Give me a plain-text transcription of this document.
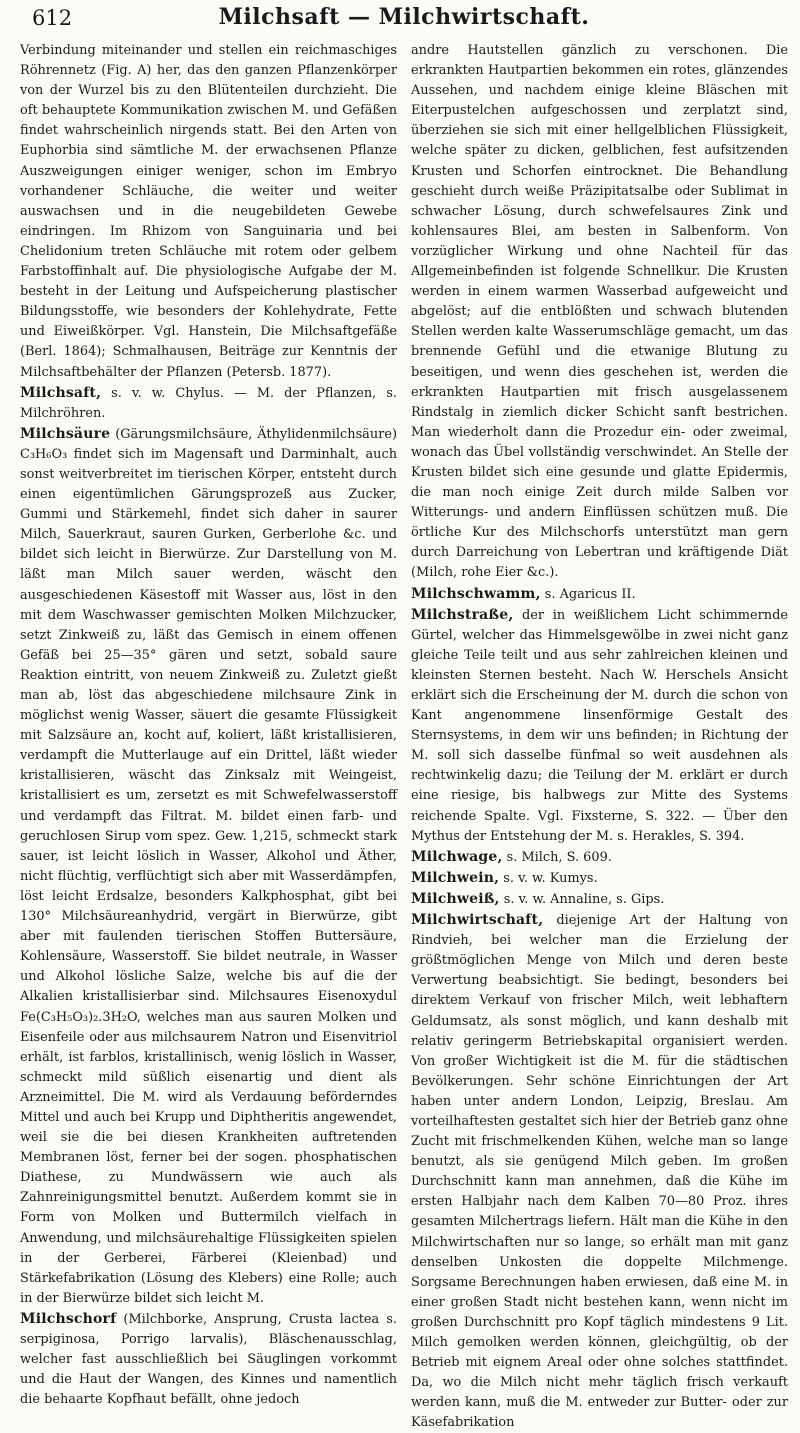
612	Milchsaft — Milchwirtschaft.

Verbindung miteinander und stellen ein reichmaschiges Röhrennetz (Fig. A) her, das den ganzen Pflanzenkörper von der Wurzel bis zu den Blütenteilen durchzieht. Die oft behauptete Kommunikation zwischen M. und Gefäßen findet wahrscheinlich nirgends statt. Bei den Arten von Euphorbia sind sämtliche M. der erwachsenen Pflanze Auszweigungen einiger weniger, schon im Embryo vorhandener Schläuche, die weiter und weiter auswachsen und in die neugebildeten Gewebe eindringen. Im Rhizom von Sanguinaria und bei Chelidonium treten Schläuche mit rotem oder gelbem Farbstoffinhalt auf. Die physiologische Aufgabe der M. besteht in der Leitung und Aufspeicherung plastischer Bildungsstoffe, wie besonders der Kohlehydrate, Fette und Eiweißkörper. Vgl. Hanstein, Die Milchsaftgefäße (Berl. 1864); Schmalhausen, Beiträge zur Kenntnis der Milchsaftbehälter der Pflanzen (Petersb. 1877).

Milchsaft, s. v. w. Chylus. — M. der Pflanzen, s. Milchröhren.

Milchsäure (Gärungsmilchsäure, Äthylidenmilchsäure) C₃H₆O₃ findet sich im Magensaft und Darminhalt, auch sonst weitverbreitet im tierischen Körper, entsteht durch einen eigentümlichen Gärungsprozeß aus Zucker, Gummi und Stärkemehl, findet sich daher in saurer Milch, Sauerkraut, sauren Gurken, Gerberlohe &c. und bildet sich leicht in Bierwürze. Zur Darstellung von M. läßt man Milch sauer werden, wäscht den ausgeschiedenen Käsestoff mit Wasser aus, löst in den mit dem Waschwasser gemischten Molken Milchzucker, setzt Zinkweiß zu, läßt das Gemisch in einem offenen Gefäß bei 25—35° gären und setzt, sobald saure Reaktion eintritt, von neuem Zinkweiß zu. Zuletzt gießt man ab, löst das abgeschiedene milchsaure Zink in möglichst wenig Wasser, säuert die gesamte Flüssigkeit mit Salzsäure an, kocht auf, koliert, läßt kristallisieren, verdampft die Mutterlauge auf ein Drittel, läßt wieder kristallisieren, wäscht das Zinksalz mit Weingeist, kristallisiert es um, zersetzt es mit Schwefelwasserstoff und verdampft das Filtrat. M. bildet einen farb- und geruchlosen Sirup vom spez. Gew. 1,215, schmeckt stark sauer, ist leicht löslich in Wasser, Alkohol und Äther, nicht flüchtig, verflüchtigt sich aber mit Wasserdämpfen, löst leicht Erdsalze, besonders Kalkphosphat, gibt bei 130° Milchsäureanhydrid, vergärt in Bierwürze, gibt aber mit faulenden tierischen Stoffen Buttersäure, Kohlensäure, Wasserstoff. Sie bildet neutrale, in Wasser und Alkohol lösliche Salze, welche bis auf die der Alkalien kristallisierbar sind. Milchsaures Eisenoxydul Fe(C₃H₅O₃)₂.3H₂O, welches man aus sauren Molken und Eisenfeile oder aus milchsaurem Natron und Eisenvitriol erhält, ist farblos, kristallinisch, wenig löslich in Wasser, schmeckt mild süßlich eisenartig und dient als Arzneimittel. Die M. wird als Verdauung beförderndes Mittel und auch bei Krupp und Diphtheritis angewendet, weil sie die bei diesen Krankheiten auftretenden Membranen löst, ferner bei der sogen. phosphatischen Diathese, zu Mundwässern wie auch als Zahnreinigungsmittel benutzt. Außerdem kommt sie in Form von Molken und Buttermilch vielfach in Anwendung, und milchsäurehaltige Flüssigkeiten spielen in der Gerberei, Färberei (Kleienbad) und Stärkefabrikation (Lösung des Klebers) eine Rolle; auch in der Bierwürze bildet sich leicht M.

Milchschorf (Milchborke, Ansprung, Crusta lactea s. serpiginosa, Porrigo larvalis), Bläschenausschlag, welcher fast ausschließlich bei Säuglingen vorkommt und die Haut der Wangen, des Kinnes und namentlich die behaarte Kopfhaut befällt, ohne jedoch

andre Hautstellen gänzlich zu verschonen. Die erkrankten Hautpartien bekommen ein rotes, glänzendes Aussehen, und nachdem einige kleine Bläschen mit Eiterpustelchen aufgeschossen und zerplatzt sind, überziehen sie sich mit einer hellgelblichen Flüssigkeit, welche später zu dicken, gelblichen, fest aufsitzenden Krusten und Schorfen eintrocknet. Die Behandlung geschieht durch weiße Präzipitatsalbe oder Sublimat in schwacher Lösung, durch schwefelsaures Zink und kohlensaures Blei, am besten in Salbenform. Von vorzüglicher Wirkung und ohne Nachteil für das Allgemeinbefinden ist folgende Schnellkur. Die Krusten werden in einem warmen Wasserbad aufgeweicht und abgelöst; auf die entblößten und schwach blutenden Stellen werden kalte Wasserumschläge gemacht, um das brennende Gefühl und die etwanige Blutung zu beseitigen, und wenn dies geschehen ist, werden die erkrankten Hautpartien mit frisch ausgelassenem Rindstalg in ziemlich dicker Schicht sanft bestrichen. Man wiederholt dann die Prozedur ein- oder zweimal, wonach das Übel vollständig verschwindet. An Stelle der Krusten bildet sich eine gesunde und glatte Epidermis, die man noch einige Zeit durch milde Salben vor Witterungs- und andern Einflüssen schützen muß. Die örtliche Kur des Milchschorfs unterstützt man gern durch Darreichung von Lebertran und kräftigende Diät (Milch, rohe Eier &c.).

Milchschwamm, s. Agaricus II.

Milchstraße, der in weißlichem Licht schimmernde Gürtel, welcher das Himmelsgewölbe in zwei nicht ganz gleiche Teile teilt und aus sehr zahlreichen kleinen und kleinsten Sternen besteht. Nach W. Herschels Ansicht erklärt sich die Erscheinung der M. durch die schon von Kant angenommene linsenförmige Gestalt des Sternsystems, in dem wir uns befinden; in Richtung der M. soll sich dasselbe fünfmal so weit ausdehnen als rechtwinkelig dazu; die Teilung der M. erklärt er durch eine riesige, bis halbwegs zur Mitte des Systems reichende Spalte. Vgl. Fixsterne, S. 322. — Über den Mythus der Entstehung der M. s. Herakles, S. 394.

Milchwage, s. Milch, S. 609.

Milchwein, s. v. w. Kumys.

Milchweiß, s. v. w. Annaline, s. Gips.

Milchwirtschaft, diejenige Art der Haltung von Rindvieh, bei welcher man die Erzielung der größtmöglichen Menge von Milch und deren beste Verwertung beabsichtigt. Sie bedingt, besonders bei direktem Verkauf von frischer Milch, weit lebhaftern Geldumsatz, als sonst möglich, und kann deshalb mit relativ geringerm Betriebskapital organisiert werden. Von großer Wichtigkeit ist die M. für die städtischen Bevölkerungen. Sehr schöne Einrichtungen der Art haben unter andern London, Leipzig, Breslau. Am vorteilhaftesten gestaltet sich hier der Betrieb ganz ohne Zucht mit frischmelkenden Kühen, welche man so lange benutzt, als sie genügend Milch geben. Im großen Durchschnitt kann man annehmen, daß die Kühe im ersten Halbjahr nach dem Kalben 70—80 Proz. ihres gesamten Milchertrags liefern. Hält man die Kühe in den Milchwirtschaften nur so lange, so erhält man mit ganz denselben Unkosten die doppelte Milchmenge. Sorgsame Berechnungen haben erwiesen, daß eine M. in einer großen Stadt nicht bestehen kann, wenn nicht im großen Durchschnitt pro Kopf täglich mindestens 9 Lit. Milch gemolken werden können, gleichgültig, ob der Betrieb mit eignem Areal oder ohne solches stattfindet. Da, wo die Milch nicht mehr täglich frisch verkauft werden kann, muß die M. entweder zur Butter- oder zur Käsefabrikation
